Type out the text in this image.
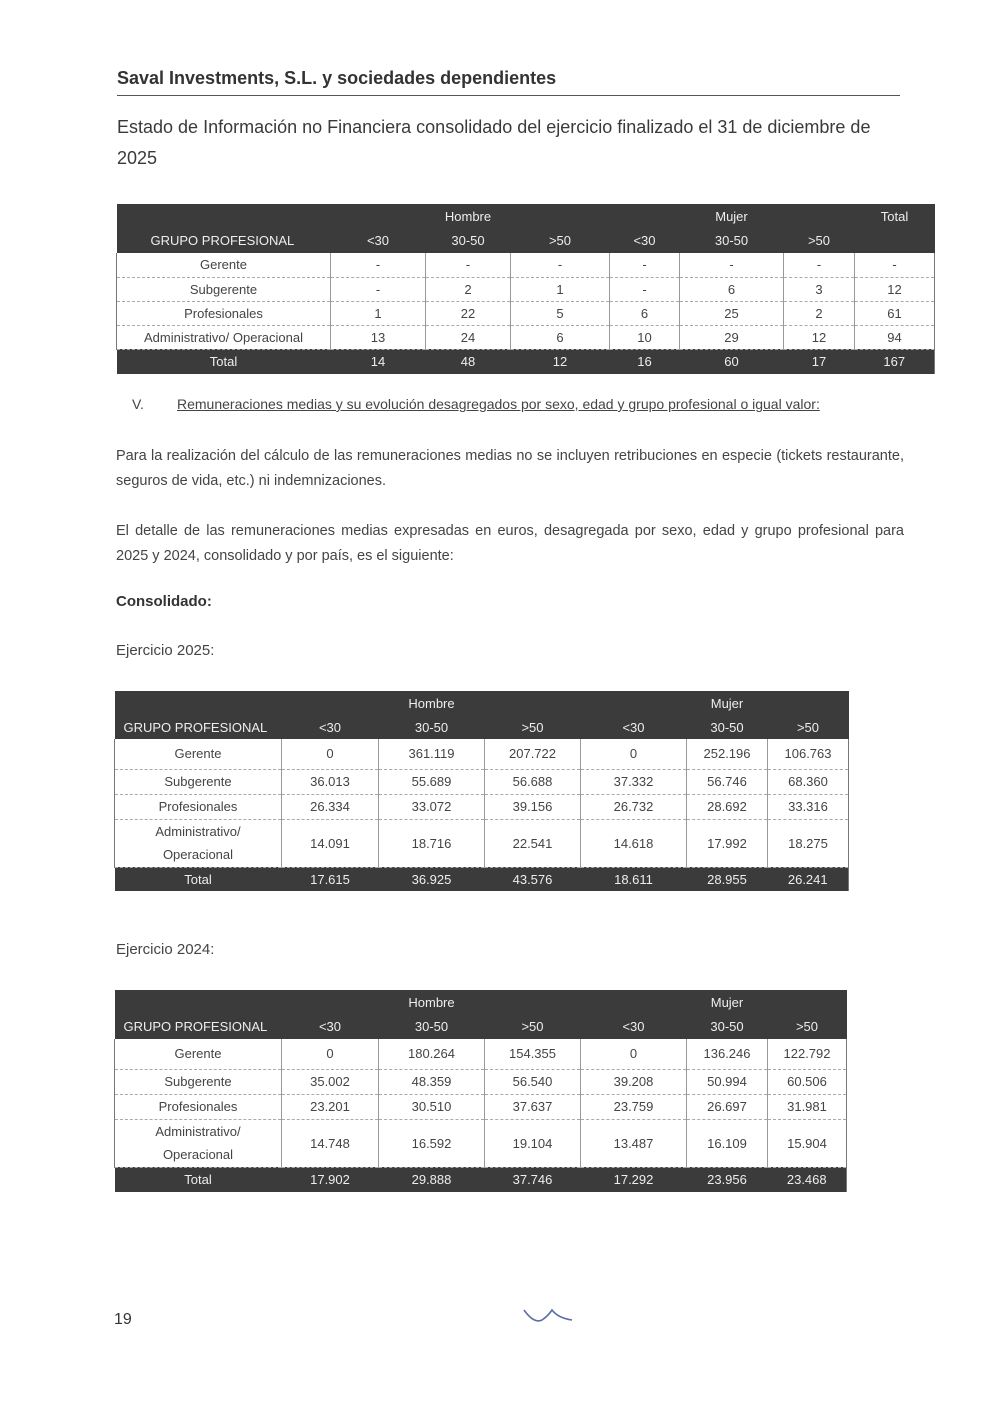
Saval Investments, S.L. y sociedades dependientes
Estado de Información no Financiera consolidado del ejercicio finalizado el 31 de diciembre de 2025
		Hombre			Mujer		Total
GRUPO PROFESIONAL	<30	30-50	>50	<30	30-50	>50	
Gerente	-	-	-	-	-	-	-
Subgerente	-	2	1	-	6	3	12
Profesionales	1	22	5	6	25	2	61
Administrativo/ Operacional	13	24	6	10	29	12	94
Total	14	48	12	16	60	17	167
V. Remuneraciones medias y su evolución desagregados por sexo, edad y grupo profesional o igual valor:
Para la realización del cálculo de las remuneraciones medias no se incluyen retribuciones en especie (tickets restaurante, seguros de vida, etc.) ni indemnizaciones.
El detalle de las remuneraciones medias expresadas en euros, desagregada por sexo, edad y grupo profesional para 2025 y 2024, consolidado y por país, es el siguiente:
Consolidado:
Ejercicio 2025:
		Hombre			Mujer	
GRUPO PROFESIONAL	<30	30-50	>50	<30	30-50	>50
Gerente	0	361.119	207.722	0	252.196	106.763
Subgerente	36.013	55.689	56.688	37.332	56.746	68.360
Profesionales	26.334	33.072	39.156	26.732	28.692	33.316

Administrativo/
Operacional	14.091	18.716	22.541	14.618	17.992	18.275
Total	17.615	36.925	43.576	18.611	28.955	26.241
Ejercicio 2024:
		Hombre			Mujer	
GRUPO PROFESIONAL	<30	30-50	>50	<30	30-50	>50
Gerente	0	180.264	154.355	0	136.246	122.792
Subgerente	35.002	48.359	56.540	39.208	50.994	60.506
Profesionales	23.201	30.510	37.637	23.759	26.697	31.981

Administrativo/
Operacional	14.748	16.592	19.104	13.487	16.109	15.904
Total	17.902	29.888	37.746	17.292	23.956	23.468
19
